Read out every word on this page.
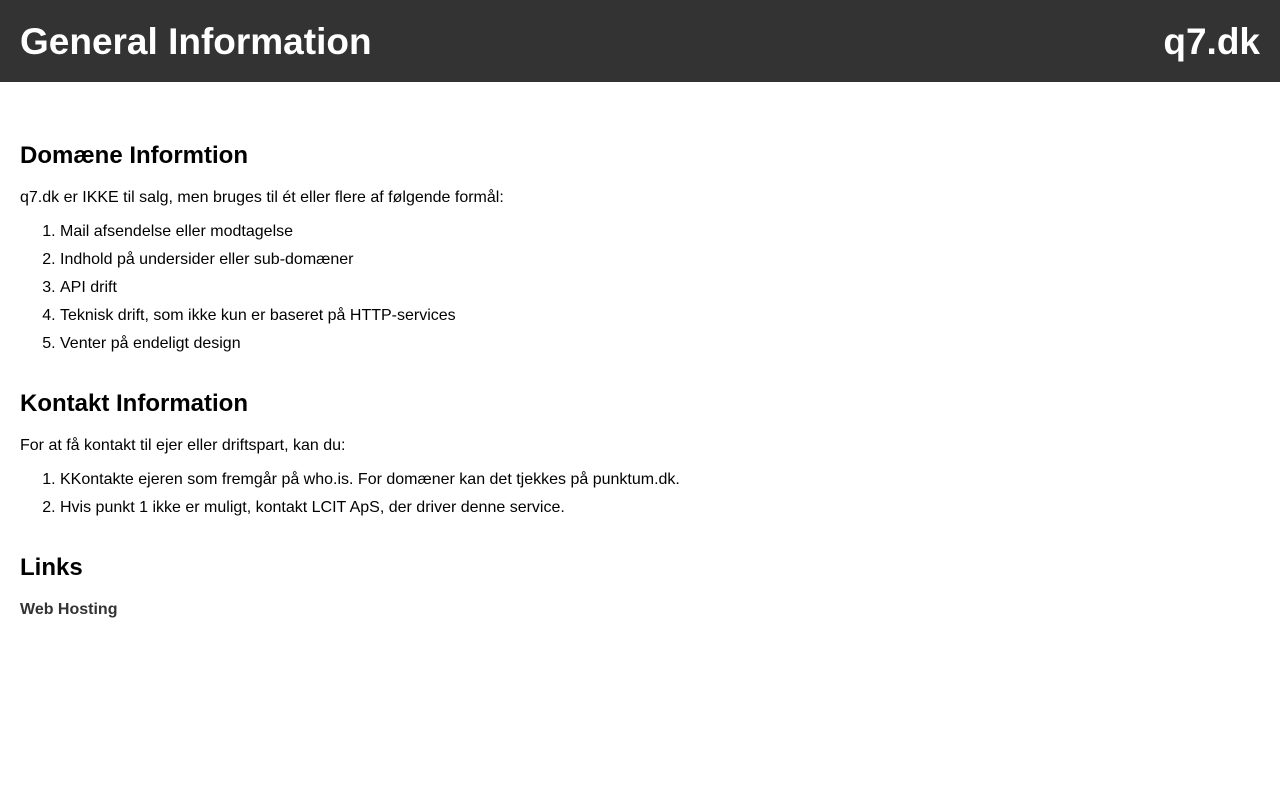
General Information	q7.dk
Domæne Informtion

q7.dk er IKKE til salg, men bruges til ét eller flere af følgende formål:

1. Mail afsendelse eller modtagelse
2. Indhold på undersider eller sub-domæner
3. API drift
4. Teknisk drift, som ikke kun er baseret på HTTP-services
5. Venter på endeligt design
Kontakt Information

For at få kontakt til ejer eller driftspart, kan du:

1. KKontakte ejeren som fremgår på who.is. For domæner kan det tjekkes på punktum.dk.
2. Hvis punkt 1 ikke er muligt, kontakt LCIT ApS, der driver denne service.
Links
Web Hosting
